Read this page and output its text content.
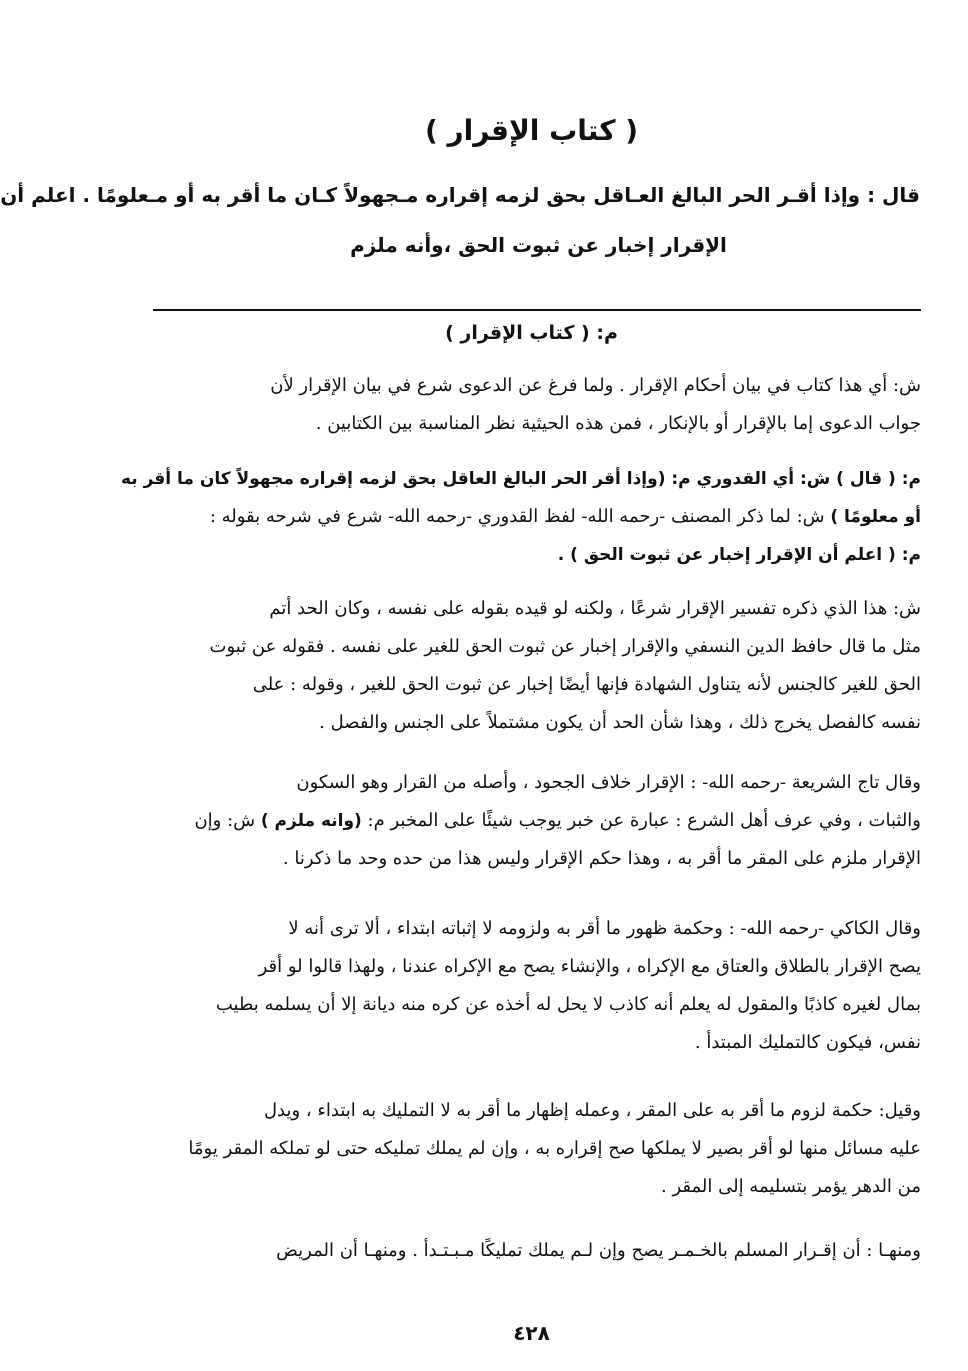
( كتاب الإقرار )
قال : وإذا أقـر الحر البالغ العـاقل بحق لزمه إقراره مـجهولاً كـان ما أقر به أو مـعلومًا . اعلم أن
الإقرار إخبار عن ثبوت الحق ،وأنه ملزم
م: ( كتاب الإقرار )
ش: أي هذا كتاب في بيان أحكام الإقرار . ولما فرغ عن الدعوى شرع في بيان الإقرار لأن
جواب الدعوى إما بالإقرار أو بالإنكار ، فمن هذه الحيثية نظر المناسبة بين الكتابين .
م: ( قال ) ش: أي القدوري م: (وإذا أقر الحر البالغ العاقل بحق لزمه إقراره مجهولاً كان ما أقر به
أو معلومًا ) ش: لما ذكر المصنف -رحمه الله- لفظ القدوري -رحمه الله- شرع في شرحه بقوله :
م: ( اعلم أن الإقرار إخبار عن ثبوت الحق ) .
ش: هذا الذي ذكره تفسير الإقرار شرعًا ، ولكنه لو قيده بقوله على نفسه ، وكان الحد أتم
مثل ما قال حافظ الدين النسفي والإقرار إخبار عن ثبوت الحق للغير على نفسه . فقوله عن ثبوت
الحق للغير كالجنس لأنه يتناول الشهادة فإنها أيضًا إخبار عن ثبوت الحق للغير ، وقوله : على
نفسه كالفصل يخرج ذلك ، وهذا شأن الحد أن يكون مشتملاً على الجنس والفصل .
وقال تاج الشريعة -رحمه الله- : الإقرار خلاف الجحود ، وأصله من القرار وهو السكون
والثبات ، وفي عرف أهل الشرع : عبارة عن خبر يوجب شيئًا على المخبر م: (وانه ملزم ) ش: وإن
الإقرار ملزم على المقر ما أقر به ، وهذا حكم الإقرار وليس هذا من حده وحد ما ذكرنا .
وقال الكاكي -رحمه الله- : وحكمة ظهور ما أقر به ولزومه لا إثباته ابتداء ، ألا ترى أنه لا
يصح الإقرار بالطلاق والعتاق مع الإكراه ، والإنشاء يصح مع الإكراه عندنا ، ولهذا قالوا لو أقر
بمال لغيره كاذبًا والمقول له يعلم أنه كاذب لا يحل له أخذه عن كره منه ديانة إلا أن يسلمه بطيب
نفس، فيكون كالتمليك المبتدأ .
وقيل: حكمة لزوم ما أقر به على المقر ، وعمله إظهار ما أقر به لا التمليك به ابتداء ، ويدل
عليه مسائل منها لو أقر بصير لا يملكها صح إقراره به ، وإن لم يملك تمليكه حتى لو تملكه المقر يومًا
من الدهر يؤمر بتسليمه إلى المقر .
ومنهـا : أن إقـرار المسلم بالخـمـر يصح وإن لـم يملك تمليكًا مـبـتـدأ . ومنهـا أن المريض
٤٢٨
